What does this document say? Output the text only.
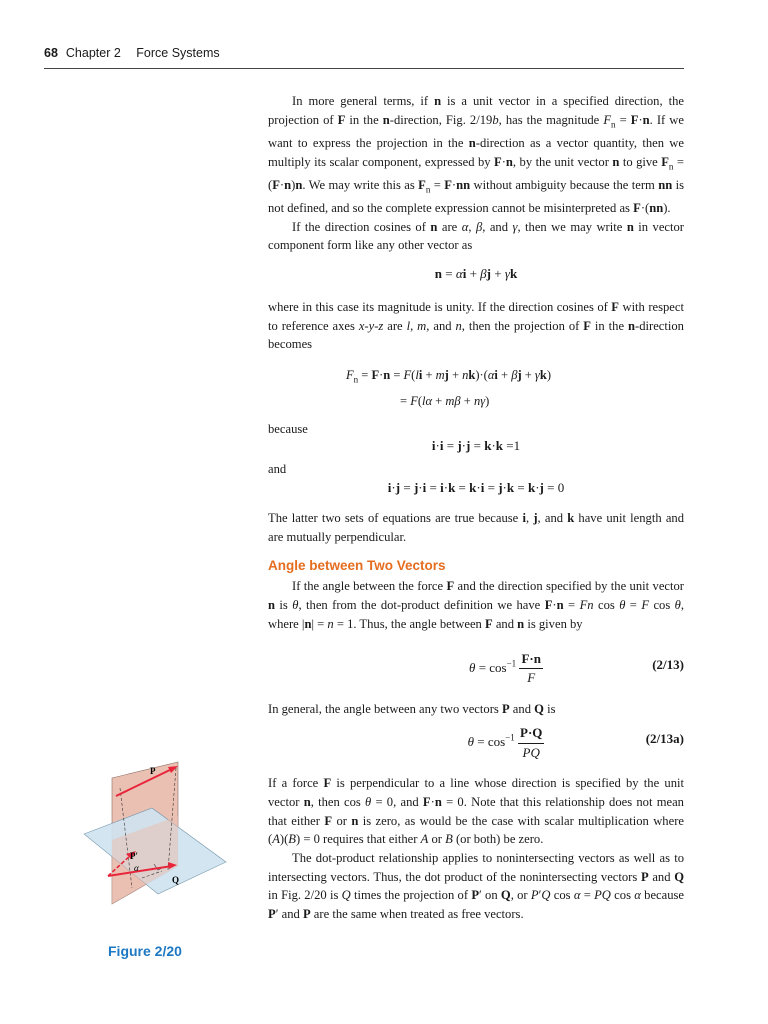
68 Chapter 2 Force Systems

In more general terms, if n is a unit vector in a specified direction, the projection of F in the n-direction, Fig. 2/19b, has the magnitude $F_n = F\cdot n$. If we want to express the projection in the n-direction as a vector quantity, then we multiply its scalar component, expressed by F·n, by the unit vector n to give $F_n = (F\cdot n)n$. We may write this as $F_n = F\cdot nn$ without ambiguity because the term nn is not defined, and so the complete expression cannot be misinterpreted as F·(nn).

If the direction cosines of n are α, β, and γ, then we may write n in vector component form like any other vector as

n = αi + βj + γk

where in this case its magnitude is unity. If the direction cosines of F with respect to reference axes x-y-z are l, m, and n, then the projection of F in the n-direction becomes

$F_n = F\cdot n = F(li$ + mj + nk)·(αi + βj + γk)
= F(lα + mβ + nγ)

because

i·i = j·j = k·k =1

and

i·j = j·i = i·k = k·i = j·k = k·j = 0

The latter two sets of equations are true because i, j, and k have unit length and are mutually perpendicular.

Angle between Two Vectors

If the angle between the force F and the direction specified by the unit vector n is θ, then from the dot-product definition we have F·n = Fn cos θ = F cos θ, where |n| = n = 1. Thus, the angle between F and n is given by

$\theta = \cos^{-1} \frac{F\cdot n}{F}$	(2/13)

In general, the angle between any two vectors P and Q is

$\theta = \cos^{-1} \frac{P\cdot Q}{PQ}$	(2/13a)

If a force F is perpendicular to a line whose direction is specified by the unit vector n, then cos θ = 0, and F·n = 0. Note that this relationship does not mean that either F or n is zero, as would be the case with scalar multiplication where (A)(B) = 0 requires that either A or B (or both) be zero.

The dot-product relationship applies to nonintersecting vectors as well as to intersecting vectors. Thus, the dot product of the nonintersecting vectors P and Q in Fig. 2/20 is Q times the projection of P′ on Q, or P′Q cos α = PQ cos α because P′ and P are the same when treated as free vectors.

P
P′
α
Q
Figure 2/20
